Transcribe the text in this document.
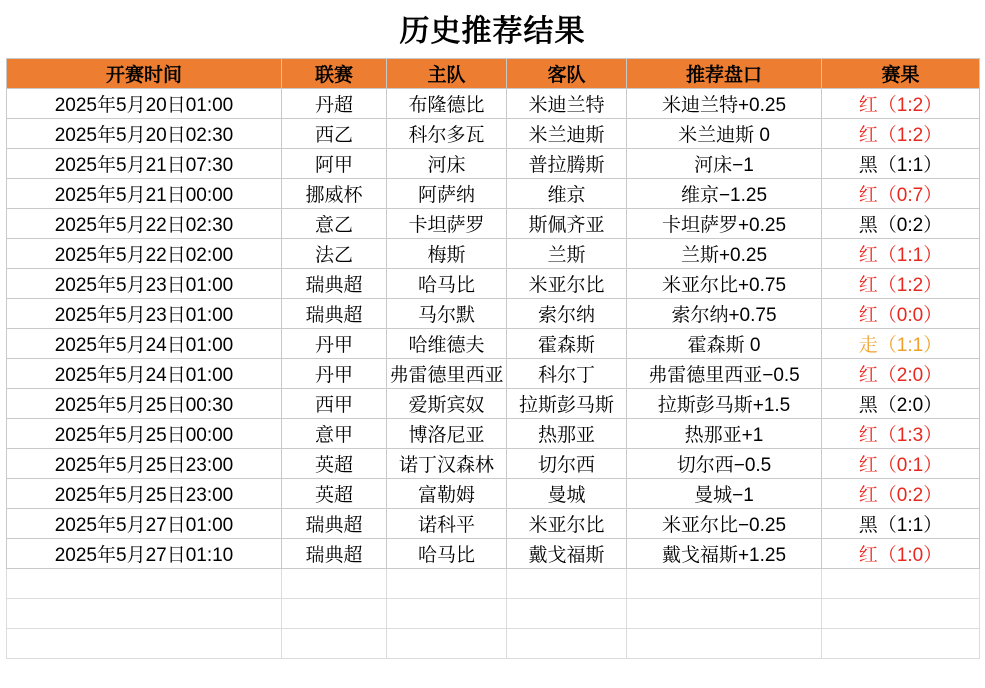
历史推荐结果
开赛时间	联赛	主队	客队	推荐盘口	赛果
2025年5月20日01:00	丹超	布隆德比	米迪兰特	米迪兰特+0.25	红（1:2）
2025年5月20日02:30	西乙	科尔多瓦	米兰迪斯	米兰迪斯 0	红（1:2）
2025年5月21日07:30	阿甲	河床	普拉腾斯	河床−1	黑（1:1）
2025年5月21日00:00	挪威杯	阿萨纳	维京	维京−1.25	红（0:7）
2025年5月22日02:30	意乙	卡坦萨罗	斯佩齐亚	卡坦萨罗+0.25	黑（0:2）
2025年5月22日02:00	法乙	梅斯	兰斯	兰斯+0.25	红（1:1）
2025年5月23日01:00	瑞典超	哈马比	米亚尔比	米亚尔比+0.75	红（1:2）
2025年5月23日01:00	瑞典超	马尔默	索尔纳	索尔纳+0.75	红（0:0）
2025年5月24日01:00	丹甲	哈维德夫	霍森斯	霍森斯 0	走（1:1）
2025年5月24日01:00	丹甲	弗雷德里西亚	科尔丁	弗雷德里西亚−0.5	红（2:0）
2025年5月25日00:30	西甲	爱斯宾奴	拉斯彭马斯	拉斯彭马斯+1.5	黑（2:0）
2025年5月25日00:00	意甲	博洛尼亚	热那亚	热那亚+1	红（1:3）
2025年5月25日23:00	英超	诺丁汉森林	切尔西	切尔西−0.5	红（0:1）
2025年5月25日23:00	英超	富勒姆	曼城	曼城−1	红（0:2）
2025年5月27日01:00	瑞典超	诺科平	米亚尔比	米亚尔比−0.25	黑（1:1）
2025年5月27日01:10	瑞典超	哈马比	戴戈福斯	戴戈福斯+1.25	红（1:0）
